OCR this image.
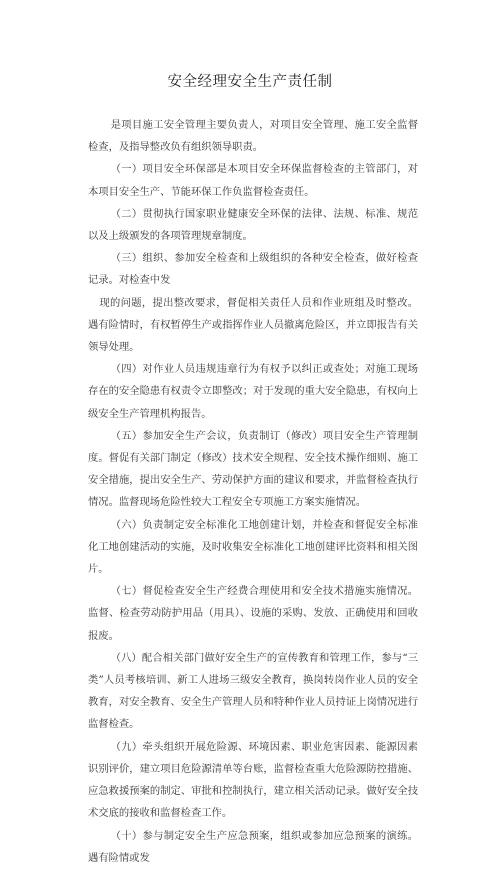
安全经理安全生产责任制

是项目施工安全管理主要负责人，对项目安全管理、施工安全监督检查，及指导整改负有组织领导职责。

（一）项目安全环保部是本项目安全环保监督检查的主管部门，对本项目安全生产、节能环保工作负监督检查责任。

（二）贯彻执行国家职业健康安全环保的法律、法规、标准、规范以及上级颁发的各项管理规章制度。

（三）组织、参加安全检查和上级组织的各种安全检查，做好检查记录。对检查中发

现的问题，提出整改要求，督促相关责任人员和作业班组及时整改。遇有险情时，有权暂停生产或指挥作业人员撤离危险区，并立即报告有关领导处理。

（四）对作业人员违规违章行为有权予以纠正或查处；对施工现场存在的安全隐患有权责令立即整改；对于发现的重大安全隐患，有权向上级安全生产管理机构报告。

（五）参加安全生产会议，负责制订（修改）项目安全生产管理制度。督促有关部门制定（修改）技术安全规程、安全技术操作细则、施工安全措施，提出安全生产、劳动保护方面的建议和要求，并监督检查执行情况。监督现场危险性较大工程安全专项施工方案实施情况。

（六）负责制定安全标准化工地创建计划，并检查和督促安全标准化工地创建活动的实施，及时收集安全标准化工地创建评比资料和相关图片。

（七）督促检查安全生产经费合理使用和安全技术措施实施情况。监督、检查劳动防护用品（用具）、设施的采购、发放、正确使用和回收报废。

（八）配合相关部门做好安全生产的宣传教育和管理工作，参与“三类”人员考核培训、新工人进场三级安全教育，换岗转岗作业人员的安全教育，对安全教育、安全生产管理人员和特种作业人员持证上岗情况进行监督检查。

（九）牵头组织开展危险源、环境因素、职业危害因素、能源因素识别评价，建立项目危险源清单等台账，监督检查重大危险源防控措施、应急救援预案的制定、审批和控制执行，建立相关活动记录。做好安全技术交底的接收和监督检查工作。

（十）参与制定安全生产应急预案，组织或参加应急预案的演练。遇有险情或发
